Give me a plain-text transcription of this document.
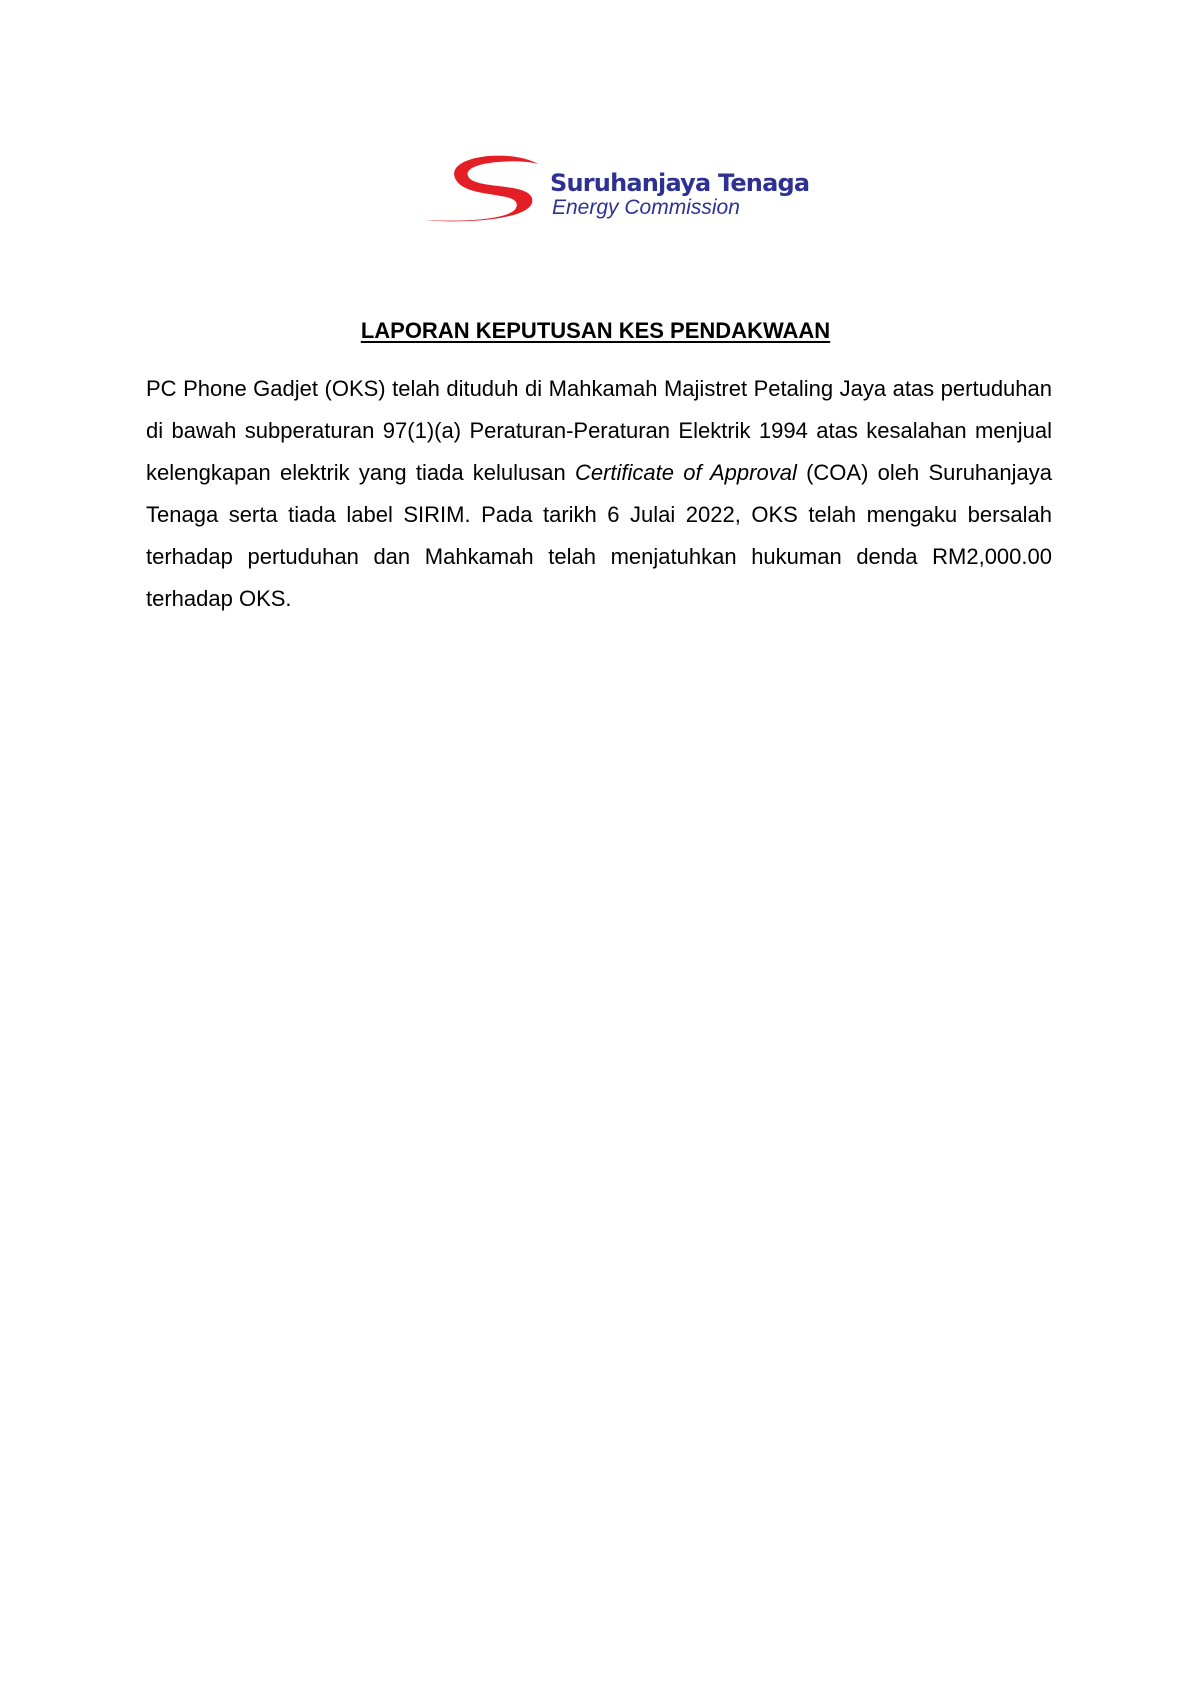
Suruhanjaya Tenaga
Energy Commission
LAPORAN KEPUTUSAN KES PENDAKWAAN

PC Phone Gadjet (OKS) telah dituduh di Mahkamah Majistret Petaling Jaya atas pertuduhan di bawah subperaturan 97(1)(a) Peraturan-Peraturan Elektrik 1994 atas kesalahan menjual kelengkapan elektrik yang tiada kelulusan Certificate of Approval (COA) oleh Suruhanjaya Tenaga serta tiada label SIRIM. Pada tarikh 6 Julai 2022, OKS telah mengaku bersalah terhadap pertuduhan dan Mahkamah telah menjatuhkan hukuman denda RM2,000.00 terhadap OKS.
